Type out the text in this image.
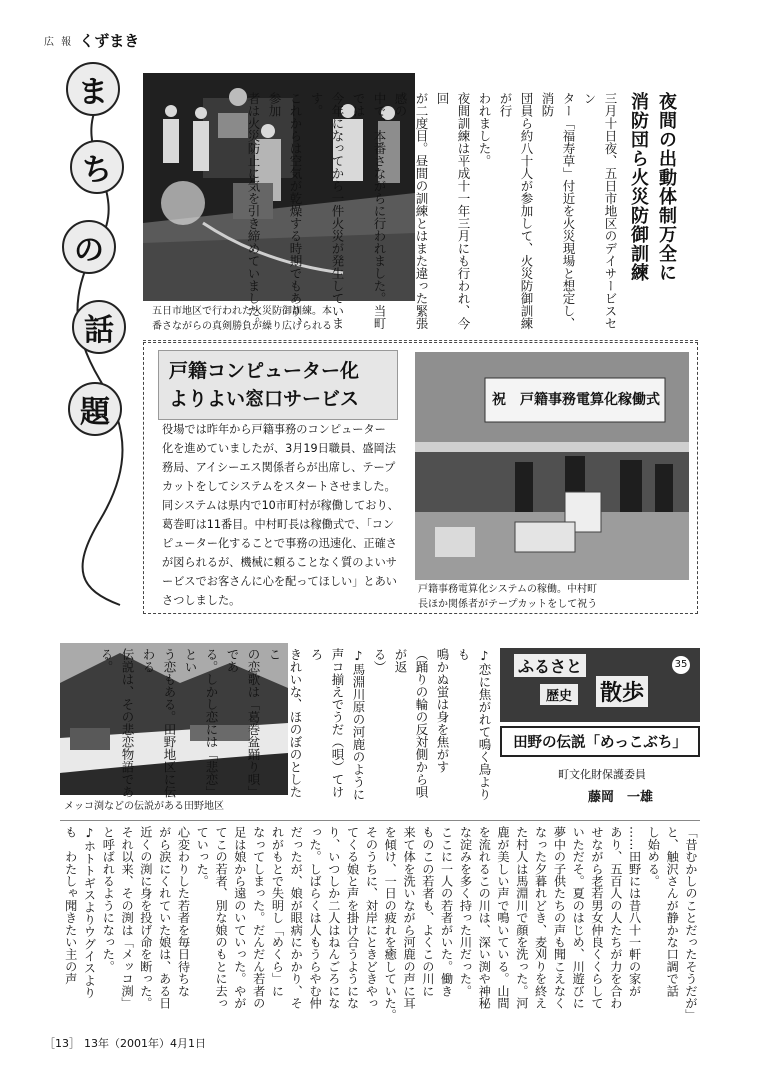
広 報 くずまき
ま
ち
の
話
題
五日市地区で行われた火災防御訓練。本
番さながらの真剣勝負が繰り広げられる
夜間の出動体制万全に
消防団ら火災防御訓練
三月十日夜、五日市地区のデイサービスセン
ター「福寿草」付近を火災現場と想定し、消防
団員ら約八十人が参加して、火災防御訓練が行
われました。
夜間訓練は平成十一年三月にも行われ、今回
が二度目。昼間の訓練とはまた違った緊張感の
中で、本番さながらに行われました。当町では
今年になってから一件火災が発生しています。
これからは空気が乾燥する時期でもあり、参加
者は火災防止に気を引き締めていました。
戸籍コンピューター化
よりよい窓口サービス
役場では昨年から戸籍事務のコンピューター
化を進めていましたが、3月19日職員、盛岡法
務局、アイシーエス関係者らが出席し、テープ
カットをしてシステムをスタートさせました。
同システムは県内で10市町村が稼働しており、
葛巻町は11番目。中村町長は稼働式で、「コン
ピューター化することで事務の迅速化、正確さ
が図られるが、機械に頼ることなく質のよいサ
ービスでお客さんに心を配ってほしい」とあい
さつしました。
祝　戸籍事務電算化稼働式
戸籍事務電算化システムの稼働。中村町
長ほか関係者がテープカットをして祝う
メッコ渕などの伝説がある田野地区
♪恋に焦がれて鳴く鳥よりも
鳴かぬ蛍は身を焦がす
（踊りの輪の反対側から唄が返
る）
♪馬淵川原の河鹿のように
声コ揃えでうだ（唄）てけろ
きれいな、ほのぼのとしたこ
の恋歌は「葛巻盆踊り唄」であ
る。しかし恋には「悲恋」とい
う恋もある。田野地区に伝わる
伝説は、その悲恋物語である。	ふるさと
歴史 散歩
35
田野の伝説「めっこぶち」
町文化財保護委員
藤岡　一雄
「昔むかしのことだったそうだが」
と、触沢さんが静かな口調で話
し始める。
……田野には昔八十一軒の家が
あり、五百人の人たちが力を合わ
せながら老若男女仲良くくらして
いただそ。夏のはじめ、川遊びに
夢中の子供たちの声も聞こえなく
なった夕暮れどき、麦刈りを終え
た村人は馬淵川で顔を洗った。河
鹿が美しい声で鳴いている。山間
を流れるこの川は、深い渕や神秘
な淀みを多く持った川だった。
ここに一人の若者がいた。働き
ものこの若者も、よくこの川に
来て体を洗いながら河鹿の声に耳
を傾け、一日の疲れを癒していた。
そのうちに、対岸にときどきやっ
てくる娘と声を掛け合うようにな
り、いつしか二人はねんごろにな
った。しばらくは人もうらやむ仲
だったが、娘が眼病にかかり、そ
れがもとで失明し「めくら」に
なってしまった。だんだん若者の
足は娘から遠のいていった。やが
てこの若者、別な娘のもとに去っ
ていった。
心変わりした若者を毎日待ちな
がら涙にくれていた娘は、ある日
近くの渕に身を投げ命を断った。
それ以来、その渕は「メッコ渕」
と呼ばれるようになった。
♪ホトトギスよりウグイスより
も　わたしゃ聞きたい主の声
［13］ 13年（2001年）4月1日
